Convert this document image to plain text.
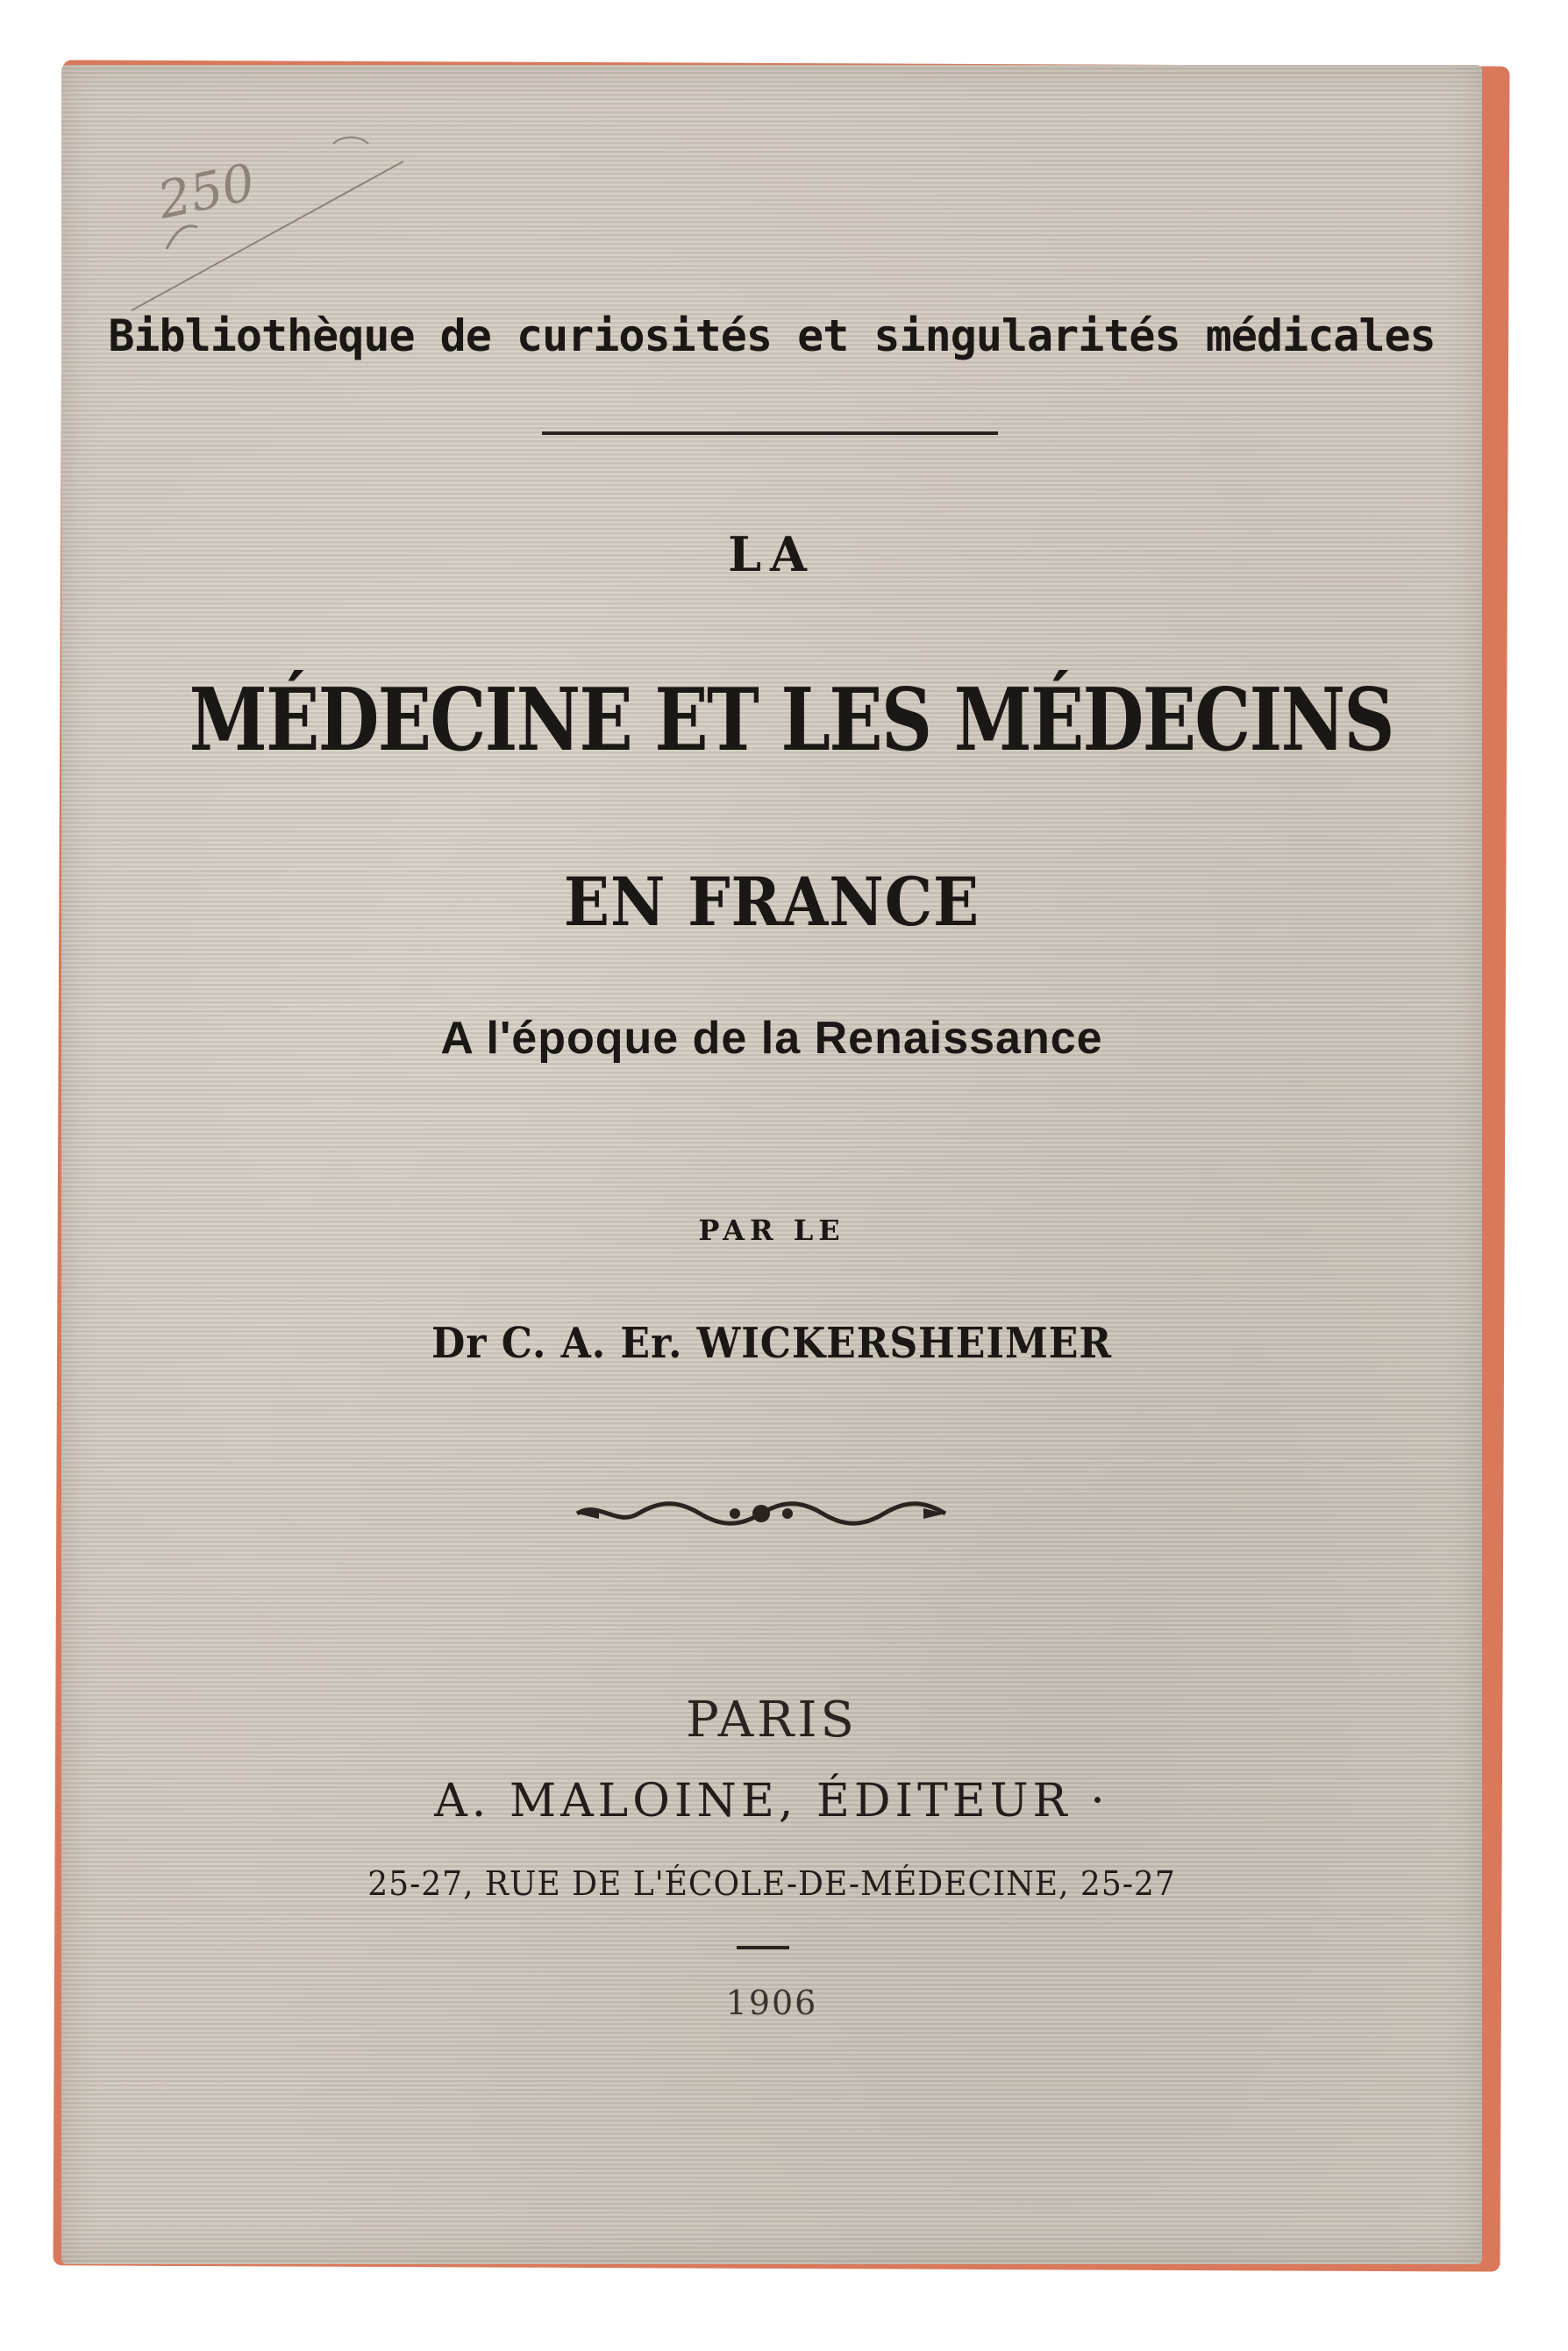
250
Bibliothèque de curiosités et singularités médicales
LA
MÉDECINE ET LES MÉDECINS
EN FRANCE
A l'époque de la Renaissance
PAR LE
Dr C. A. Er. WICKERSHEIMER
PARIS
A. MALOINE, ÉDITEUR ·
25-27, RUE DE L'ÉCOLE-DE-MÉDECINE, 25-27
1906
